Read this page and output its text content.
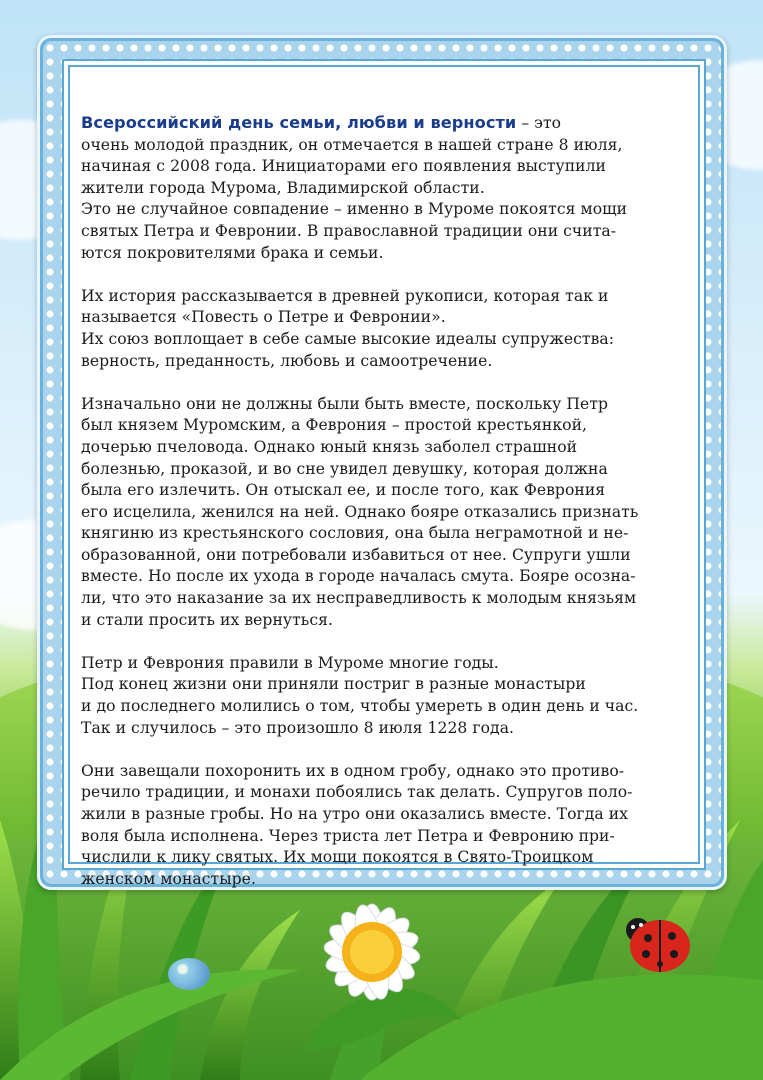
Всероссийский день семьи, любви и верности – это
очень молодой праздник, он отмечается в нашей стране 8 июля,
начиная с 2008 года. Инициаторами его появления выступили
жители города Мурома, Владимирской области.
Это не случайное совпадение – именно в Муроме покоятся мощи
святых Петра и Февронии. В православной традиции они счита-
ются покровителями брака и семьи.

Их история рассказывается в древней рукописи, которая так и
называется «Повесть о Петре и Февронии».
Их союз воплощает в себе самые высокие идеалы супружества:
верность, преданность, любовь и самоотречение.

Изначально они не должны были быть вместе, поскольку Петр
был князем Муромским, а Феврония – простой крестьянкой,
дочерью пчеловода. Однако юный князь заболел страшной
болезнью, проказой, и во сне увидел девушку, которая должна
была его излечить. Он отыскал ее, и после того, как Феврония
его исцелила, женился на ней. Однако бояре отказались признать
княгиню из крестьянского сословия, она была неграмотной и не-
образованной, они потребовали избавиться от нее. Супруги ушли
вместе. Но после их ухода в городе началась смута. Бояре осозна-
ли, что это наказание за их несправедливость к молодым князьям
и стали просить их вернуться.

Петр и Феврония правили в Муроме многие годы.
Под конец жизни они приняли постриг в разные монастыри
и до последнего молились о том, чтобы умереть в один день и час.
Так и случилось – это произошло 8 июля 1228 года.

Они завещали похоронить их в одном гробу, однако это противо-
речило традиции, и монахи побоялись так делать. Супругов поло-
жили в разные гробы. Но на утро они оказались вместе. Тогда их
воля была исполнена. Через триста лет Петра и Февронию при-
числили к лику святых. Их мощи покоятся в Свято-Троицком
женском монастыре.
